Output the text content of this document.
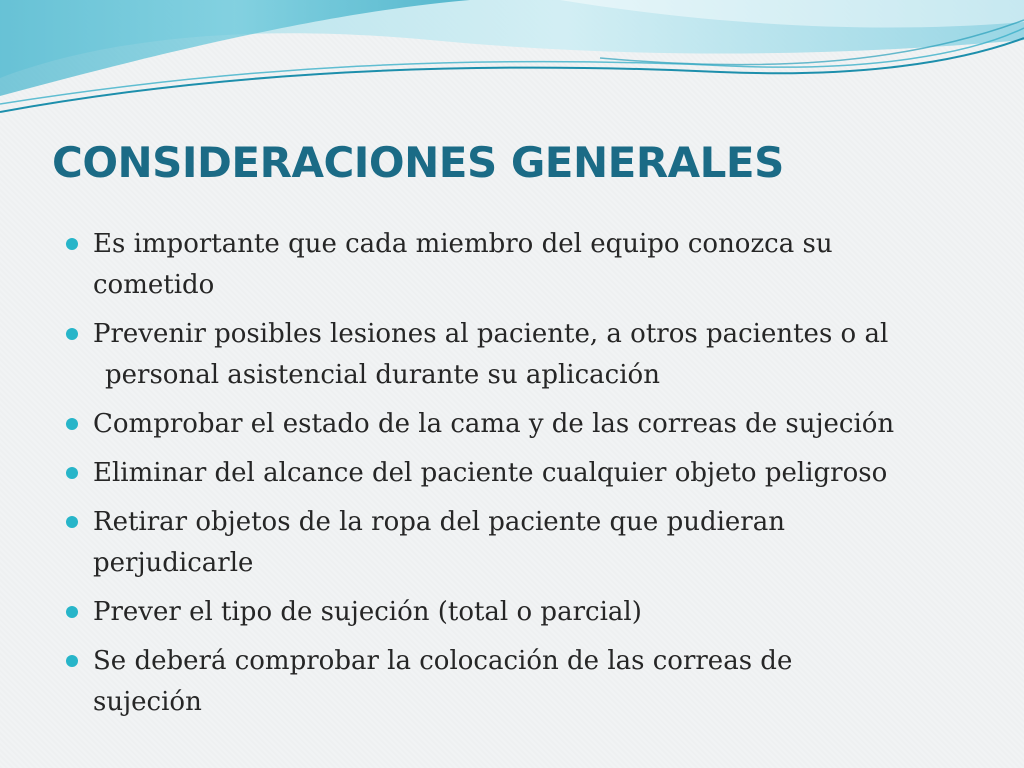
CONSIDERACIONES GENERALES
Es importante que cada miembro del equipo conozca su
cometido
Prevenir posibles lesiones al paciente, a otros pacientes o al
personal asistencial durante su aplicación
Comprobar el estado de la cama y de las correas de sujeción
Eliminar del alcance del paciente cualquier objeto peligroso
Retirar objetos de la ropa del paciente que pudieran
perjudicarle
Prever el tipo de sujeción (total o parcial)
Se deberá comprobar la colocación de las correas de
sujeción
